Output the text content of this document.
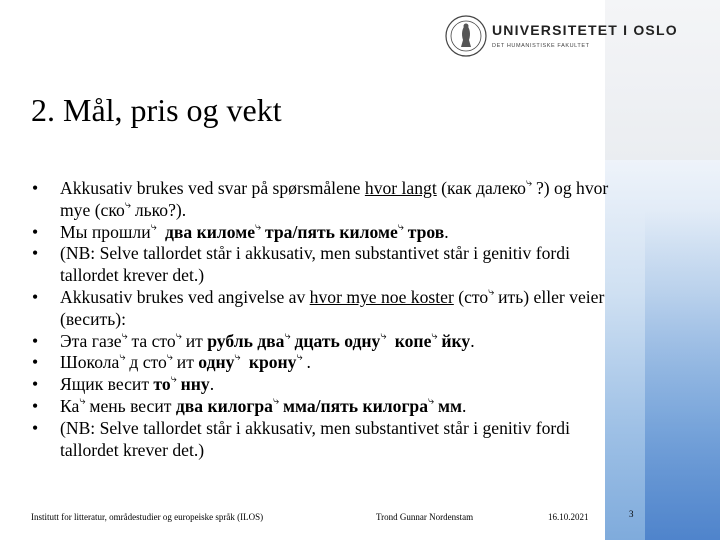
UNIVERSITETET I OSLO
DET HUMANISTISKE FAKULTET
2. Mål, pris og vekt
• Akkusativ brukes ved svar på spørsmålene hvor langt (как далеко⤷ ?) og hvor mye (ско⤷ лько?).
• Мы прошли⤷ два киломе⤷ тра/пять киломе⤷ тров.
• (NB: Selve tallordet står i akkusativ, men substantivet står i genitiv fordi tallordet krever det.)
• Akkusativ brukes ved angivelse av hvor mye noe koster (сто⤷ ить) eller veier (весить):
• Эта газе⤷ та сто⤷ ит рубль два⤷ дцать одну⤷ копе⤷ йку.
• Шокола⤷ д сто⤷ ит одну⤷ крону⤷ .
• Ящик весит то⤷ нну.
• Ка⤷ мень весит два килогра⤷ мма/пять килогра⤷ мм.
• (NB: Selve tallordet står i akkusativ, men substantivet står i genitiv fordi tallordet krever det.)
Institutt for litteratur, områdestudier og europeiske språk (ILOS)	Trond Gunnar Nordenstam	16.10.2021	3
